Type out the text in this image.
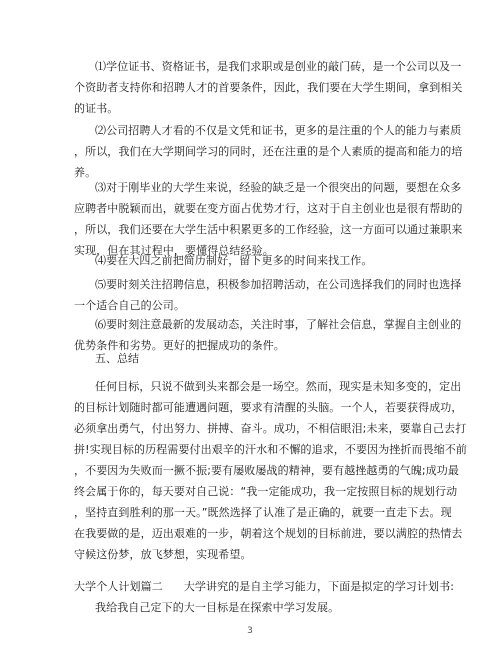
⑴学位证书、资格证书，是我们求职或是创业的敲门砖，是一个公司以及一
个资助者支持你和招聘人才的首要条件，因此，我们要在大学生期间，拿到相关
的证书。
⑵公司招聘人才看的不仅是文凭和证书，更多的是注重的个人的能力与素质
，所以，我们在大学期间学习的同时，还在注重的是个人素质的提高和能力的培
养。
⑶对于刚毕业的大学生来说，经验的缺乏是一个很突出的问题，要想在众多
应聘者中脱颖而出，就要在变方面占优势才行，这对于自主创业也是很有帮助的
，所以，我们还要在大学生活中积累更多的工作经验，这一方面可以通过兼职来
实现，但在其过程中，要懂得总结经验。
⑷要在大四之前把简历制好，留下更多的时间来找工作。
⑸要时刻关注招聘信息，积极参加招聘活动，在公司选择我们的同时也选择
一个适合自己的公司。
⑹要时刻注意最新的发展动态，关注时事，了解社会信息，掌握自主创业的
优势条件和劣势。更好的把握成功的条件。
五、总结
任何目标，只说不做到头来都会是一场空。然而，现实是未知多变的，定出
的目标计划随时都可能遭遇问题，要求有清醒的头脑。一个人，若要获得成功，
必须拿出勇气，付出努力、拼搏、奋斗。成功，不相信眼泪;未来，要靠自己去打
拼!实现目标的历程需要付出艰辛的汗水和不懈的追求，不要因为挫折而畏缩不前
，不要因为失败而一撅不振;要有屡败屡战的精神，要有越挫越勇的气魄;成功最
终会属于你的，每天要对自己说：“我一定能成功，我一定按照目标的规划行动
，坚持直到胜利的那一天。”既然选择了认准了是正确的，就要一直走下去。现
在我要做的是，迈出艰难的一步，朝着这个规划的目标前进，要以满腔的热情去
守候这份梦，放飞梦想，实现希望。
大学个人计划篇二 大学讲究的是自主学习能力，下面是拟定的学习计划书:
我给我自己定下的大一目标是在探索中学习发展。
3
